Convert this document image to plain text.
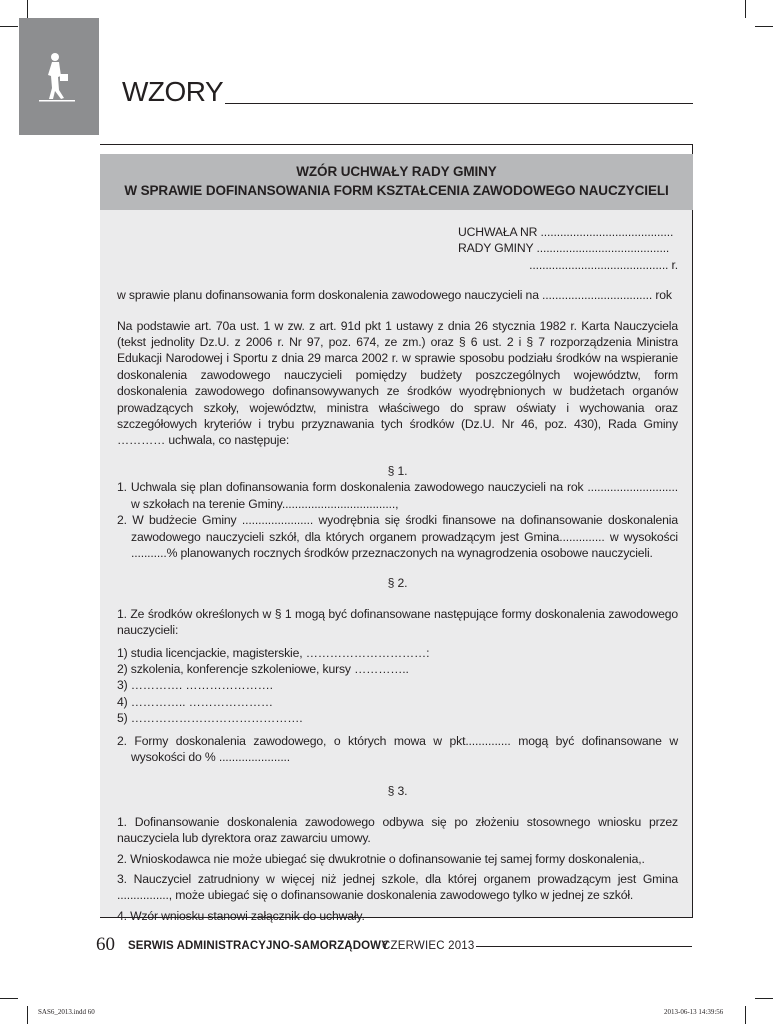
WZORY
WZÓR UCHWAŁY RADY GMINY
W SPRAWIE DOFINANSOWANIA FORM KSZTAŁCENIA ZAWODOWEGO NAUCZYCIELI
UCHWAŁA NR .........................................
RADY GMINY .........................................
........................................... r.

w sprawie planu dofinansowania form doskonalenia zawodowego nauczycieli na .................................. rok

Na podstawie art. 70a ust. 1 w zw. z art. 91d pkt 1 ustawy z dnia 26 stycznia 1982 r. Karta Nauczyciela (tekst jednolity Dz.U. z 2006 r. Nr 97, poz. 674, ze zm.) oraz § 6 ust. 2 i § 7 rozporządzenia Ministra Edukacji Narodowej i Sportu z dnia 29 marca 2002 r. w sprawie sposobu podziału środków na wspieranie doskonalenia zawodowego nauczycieli pomiędzy budżety poszczególnych województw, form doskonalenia zawodowego dofinansowywanych ze środków wyodrębnionych w budżetach organów prowadzących szkoły, województw, ministra właściwego do spraw oświaty i wychowania oraz szczegółowych kryteriów i trybu przyznawania tych środków (Dz.U. Nr 46, poz. 430), Rada Gminy ………… uchwala, co następuje:

§ 1.

1. Uchwala się plan dofinansowania form doskonalenia zawodowego nauczycieli na rok ............................ w szkołach na terenie Gminy...................................,

2. W budżecie Gminy ...................... wyodrębnia się środki finansowe na dofinansowanie doskonalenia zawodowego nauczycieli szkół, dla których organem prowadzącym jest Gmina.............. w wysokości ...........% planowanych rocznych środków przeznaczonych na wynagrodzenia osobowe nauczycieli.

§ 2.

1. Ze środków określonych w § 1 mogą być dofinansowane następujące formy doskonalenia zawodowego nauczycieli:

1) studia licencjackie, magisterskie, …………………………:

2) szkolenia, konferencje szkoleniowe, kursy …………..

3) …………. ………………….

4) ………….. …………………

5) …………………………………….

2. Formy doskonalenia zawodowego, o których mowa w pkt.............. mogą być dofinansowane w wysokości do % ......................

§ 3.

1. Dofinansowanie doskonalenia zawodowego odbywa się po złożeniu stosownego wniosku przez nauczyciela lub dyrektora oraz zawarciu umowy.

2. Wnioskodawca nie może ubiegać się dwukrotnie o dofinansowanie tej samej formy doskonalenia,.

3. Nauczyciel zatrudniony w więcej niż jednej szkole, dla której organem prowadzącym jest Gmina ................, może ubiegać się o dofinansowanie doskonalenia zawodowego tylko w jednej ze szkół.

4. Wzór wniosku stanowi załącznik do uchwały.

60 SERWIS ADMINISTRACYJNO-SAMORZĄDOWY
CZERWIEC 2013
SAS6_2013.indd 60	2013-06-13 14:39:56
